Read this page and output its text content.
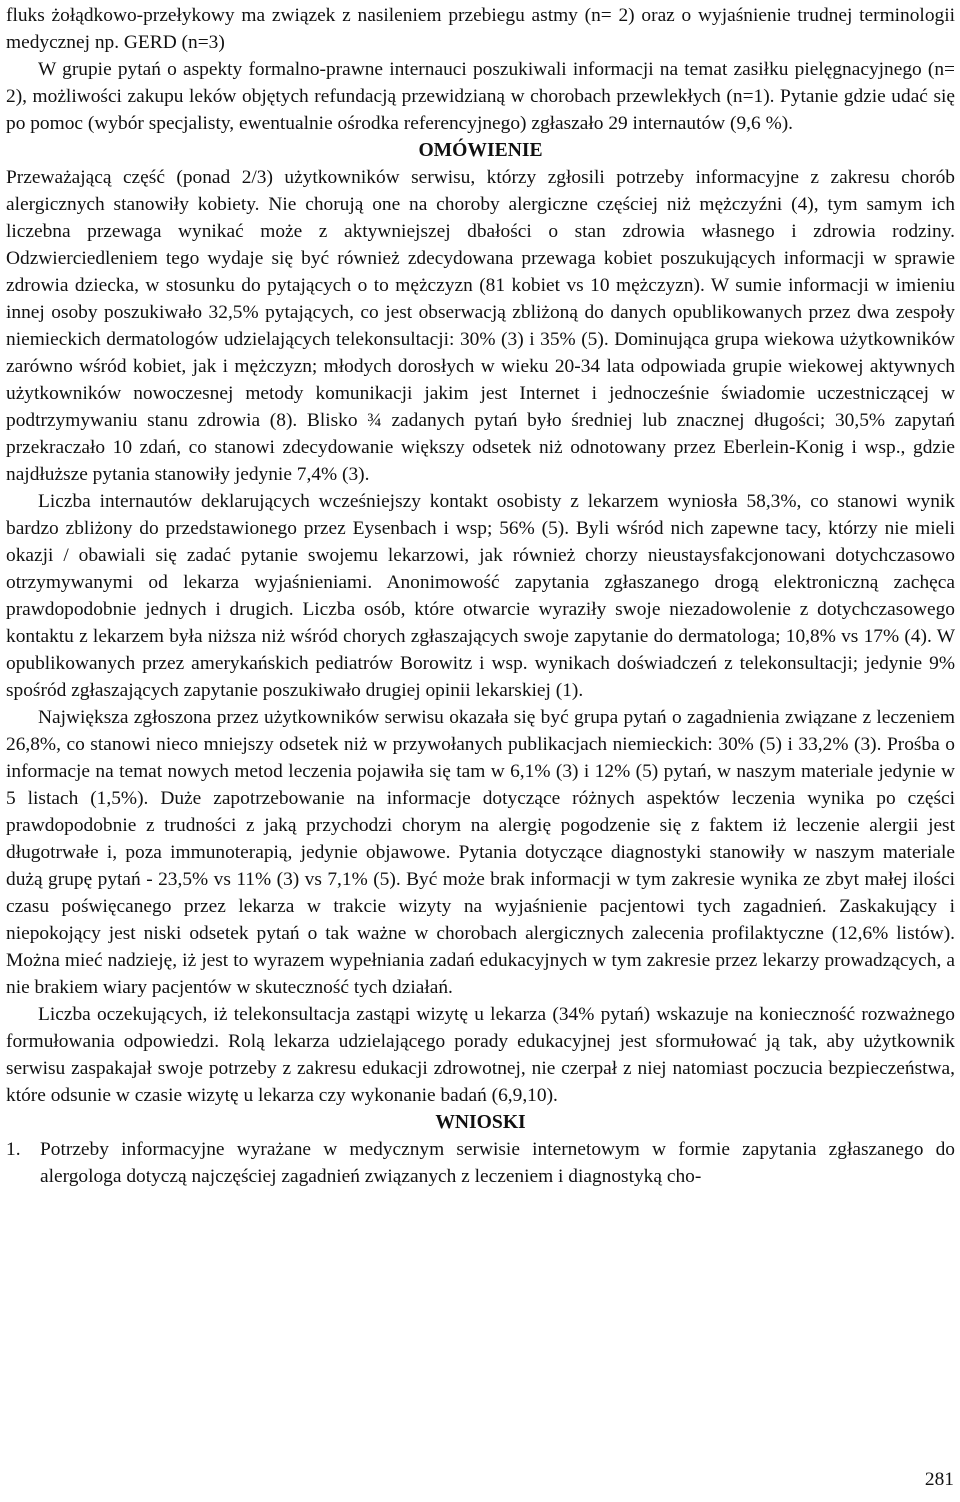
fluks żołądkowo-przełykowy ma związek z nasileniem przebiegu astmy (n= 2) oraz o wyjaśnienie trudnej terminologii medycznej np. GERD (n=3)

W grupie pytań o aspekty formalno-prawne internauci poszukiwali informacji na temat zasiłku pielęgnacyjnego (n= 2), możliwości zakupu leków objętych refundacją przewidzianą w chorobach przewlekłych (n=1). Pytanie gdzie udać się po pomoc (wybór specjalisty, ewentualnie ośrodka referencyjnego) zgłaszało 29 internautów (9,6 %).

OMÓWIENIE

Przeważającą część (ponad 2/3) użytkowników serwisu, którzy zgłosili potrzeby informacyjne z zakresu chorób alergicznych stanowiły kobiety. Nie chorują one na choroby alergiczne częściej niż mężczyźni (4), tym samym ich liczebna przewaga wynikać może z aktywniejszej dbałości o stan zdrowia własnego i zdrowia rodziny. Odzwierciedleniem tego wydaje się być również zdecydowana przewaga kobiet poszukujących informacji w sprawie zdrowia dziecka, w stosunku do pytających o to mężczyzn (81 kobiet vs 10 mężczyzn). W sumie informacji w imieniu innej osoby poszukiwało 32,5% pytających, co jest obserwacją zbliżoną do danych opublikowanych przez dwa zespoły niemieckich dermatologów udzielających telekonsultacji: 30% (3) i 35% (5). Dominująca grupa wiekowa użytkowników zarówno wśród kobiet, jak i mężczyzn; młodych dorosłych w wieku 20-34 lata odpowiada grupie wiekowej aktywnych użytkowników nowoczesnej metody komunikacji jakim jest Internet i jednocześnie świadomie uczestniczącej w podtrzymywaniu stanu zdrowia (8). Blisko ¾ zadanych pytań było średniej lub znacznej długości; 30,5% zapytań przekraczało 10 zdań, co stanowi zdecydowanie większy odsetek niż odnotowany przez Eberlein-Konig i wsp., gdzie najdłuższe pytania stanowiły jedynie 7,4% (3).

Liczba internautów deklarujących wcześniejszy kontakt osobisty z lekarzem wyniosła 58,3%, co stanowi wynik bardzo zbliżony do przedstawionego przez Eysenbach i wsp; 56% (5). Byli wśród nich zapewne tacy, którzy nie mieli okazji / obawiali się zadać pytanie swojemu lekarzowi, jak również chorzy nieustaysfakcjonowani dotychczasowo otrzymywanymi od lekarza wyjaśnieniami. Anonimowość zapytania zgłaszanego drogą elektroniczną zachęca prawdopodobnie jednych i drugich. Liczba osób, które otwarcie wyraziły swoje niezadowolenie z dotychczasowego kontaktu z lekarzem była niższa niż wśród chorych zgłaszających swoje zapytanie do dermatologa; 10,8% vs 17% (4). W opublikowanych przez amerykańskich pediatrów Borowitz i wsp. wynikach doświadczeń z telekonsultacji; jedynie 9% spośród zgłaszających zapytanie poszukiwało drugiej opinii lekarskiej (1).

Największa zgłoszona przez użytkowników serwisu okazała się być grupa pytań o zagadnienia związane z leczeniem 26,8%, co stanowi nieco mniejszy odsetek niż w przywołanych publikacjach niemieckich: 30% (5) i 33,2% (3). Prośba o informacje na temat nowych metod leczenia pojawiła się tam w 6,1% (3) i 12% (5) pytań, w naszym materiale jedynie w 5 listach (1,5%). Duże zapotrzebowanie na informacje dotyczące różnych aspektów leczenia wynika po części prawdopodobnie z trudności z jaką przychodzi chorym na alergię pogodzenie się z faktem iż leczenie alergii jest długotrwałe i, poza immunoterapią, jedynie objawowe. Pytania dotyczące diagnostyki stanowiły w naszym materiale dużą grupę pytań - 23,5% vs 11% (3) vs 7,1% (5). Być może brak informacji w tym zakresie wynika ze zbyt małej ilości czasu poświęcanego przez lekarza w trakcie wizyty na wyjaśnienie pacjentowi tych zagadnień. Zaskakujący i niepokojący jest niski odsetek pytań o tak ważne w chorobach alergicznych zalecenia profilaktyczne (12,6% listów). Można mieć nadzieję, iż jest to wyrazem wypełniania zadań edukacyjnych w tym zakresie przez lekarzy prowadzących, a nie brakiem wiary pacjentów w skuteczność tych działań.

Liczba oczekujących, iż telekonsultacja zastąpi wizytę u lekarza (34% pytań) wskazuje na konieczność rozważnego formułowania odpowiedzi. Rolą lekarza udzielającego porady edukacyjnej jest sformułować ją tak, aby użytkownik serwisu zaspakajał swoje potrzeby z zakresu edukacji zdrowotnej, nie czerpał z niej natomiast poczucia bezpieczeństwa, które odsunie w czasie wizytę u lekarza czy wykonanie badań (6,9,10).

WNIOSKI

1. Potrzeby informacyjne wyrażane w medycznym serwisie internetowym w formie zapytania zgłaszanego do alergologa dotyczą najczęściej zagadnień związanych z leczeniem i diagnostyką cho-
281
